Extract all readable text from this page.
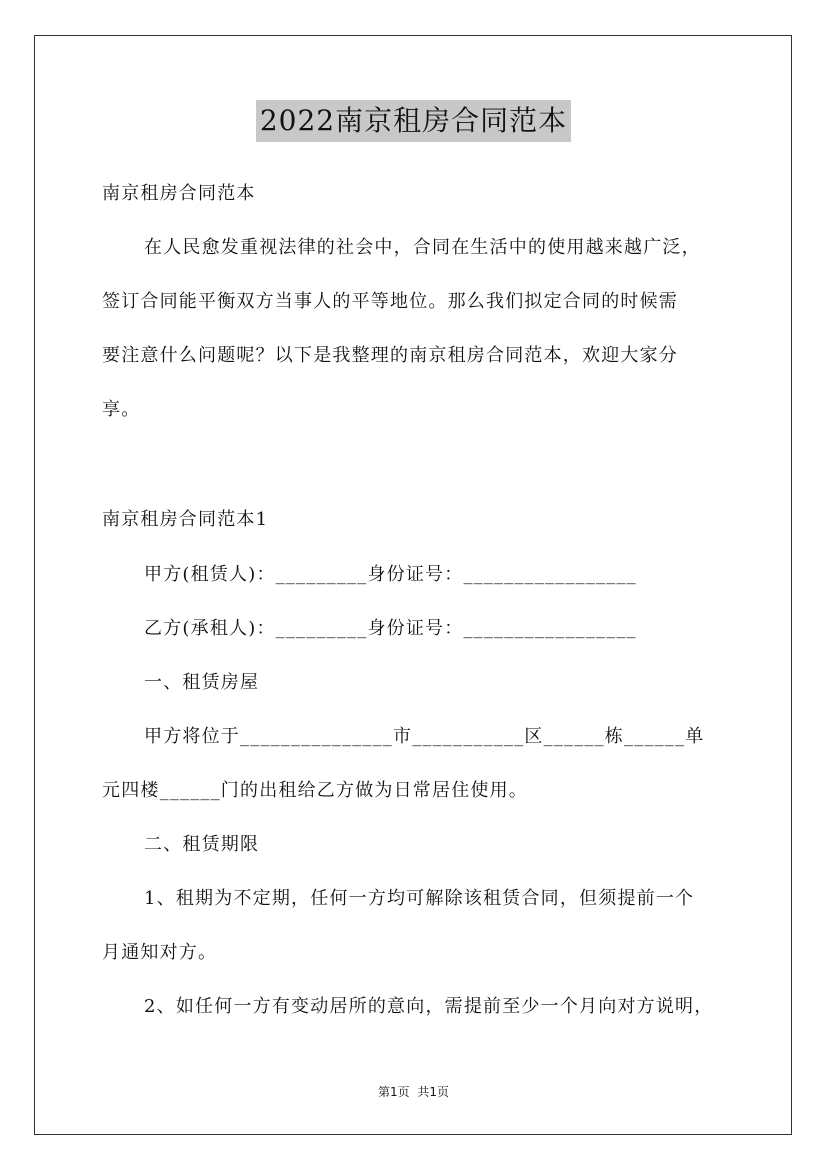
2022南京租房合同范本
南京租房合同范本
在人民愈发重视法律的社会中，合同在生活中的使用越来越广泛，
签订合同能平衡双方当事人的平等地位。那么我们拟定合同的时候需
要注意什么问题呢？以下是我整理的南京租房合同范本，欢迎大家分
享。
南京租房合同范本1
甲方(租赁人)：_________身份证号：_________________
乙方(承租人)：_________身份证号：_________________
一、租赁房屋
甲方将位于_______________市___________区______栋______单
元四楼______门的出租给乙方做为日常居住使用。
二、租赁期限
1、租期为不定期，任何一方均可解除该租赁合同，但须提前一个
月通知对方。
2、如任何一方有变动居所的意向，需提前至少一个月向对方说明，
第1页 共1页
